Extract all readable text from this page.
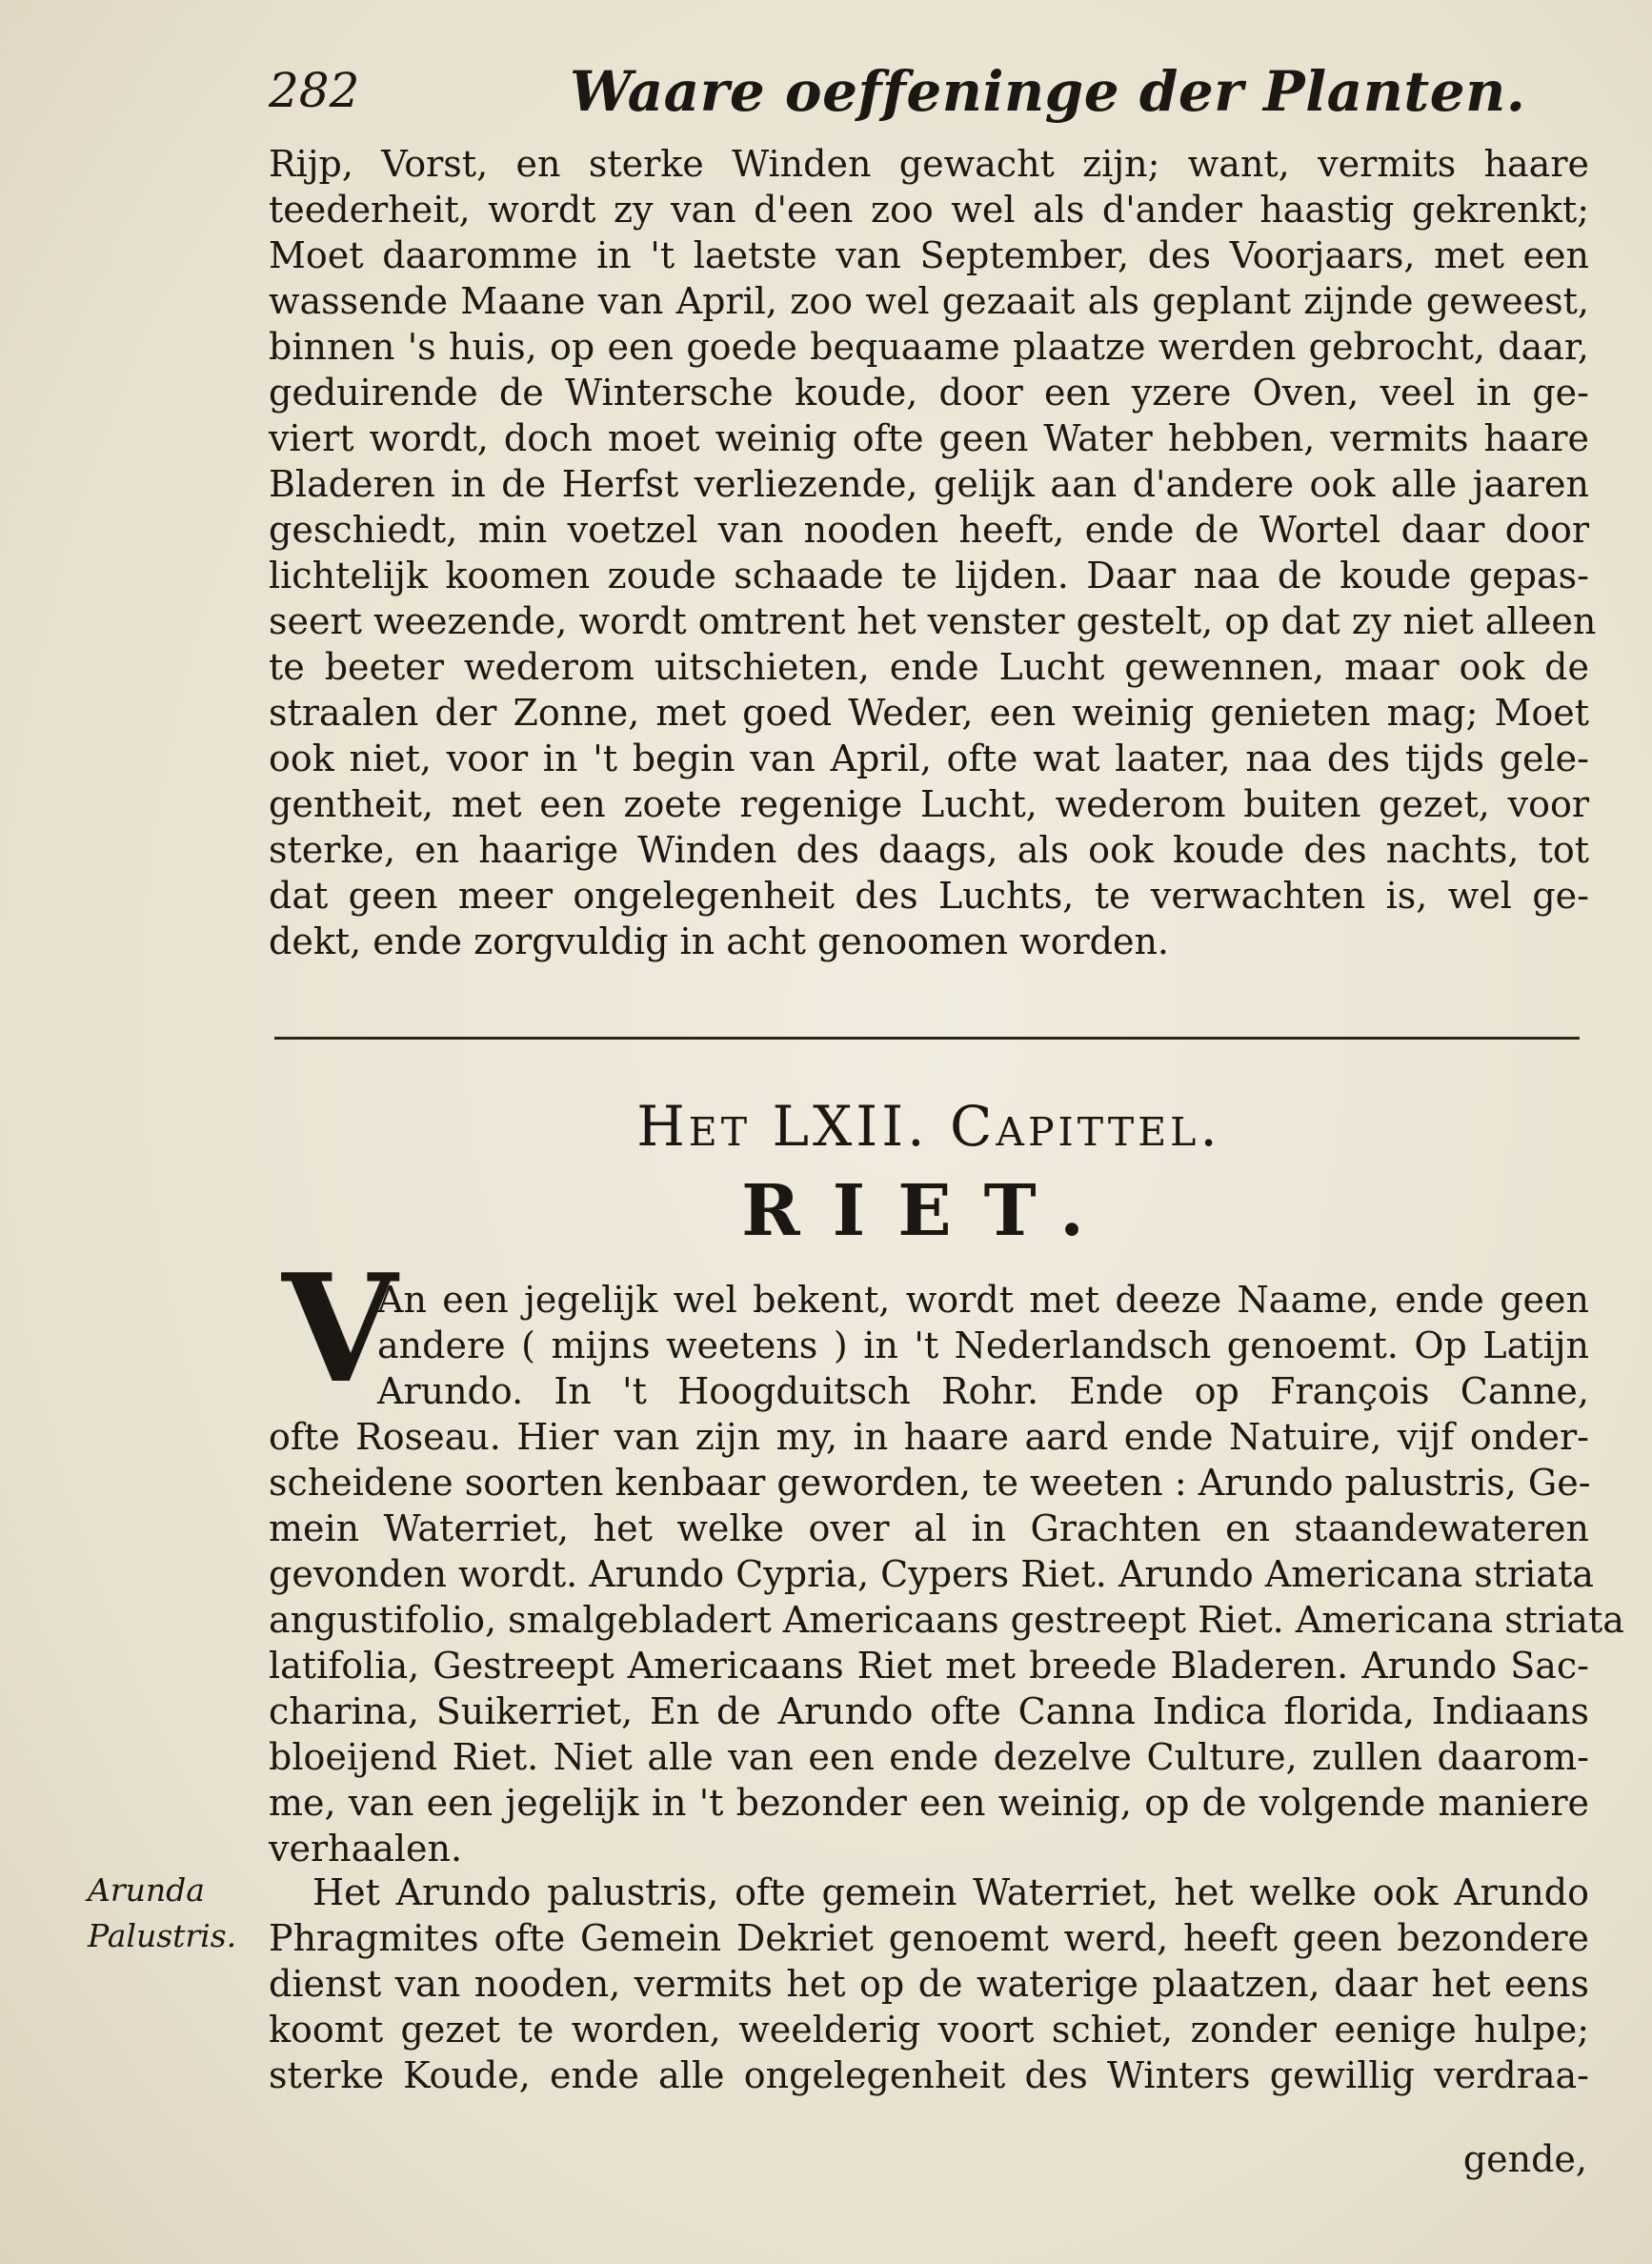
282	Waare oeffeninge der Planten.
Rijp, Vorst, en sterke Winden gewacht zijn; want, vermits haare
teederheit, wordt zy van d'een zoo wel als d'ander haastig gekrenkt;
Moet daaromme in 't laetste van September, des Voorjaars, met een
wassende Maane van April, zoo wel gezaait als geplant zijnde geweest,
binnen 's huis, op een goede bequaame plaatze werden gebrocht, daar,
geduirende de Wintersche koude, door een yzere Oven, veel in ge-
viert wordt, doch moet weinig ofte geen Water hebben, vermits haare
Bladeren in de Herfst verliezende, gelijk aan d'andere ook alle jaaren
geschiedt, min voetzel van nooden heeft, ende de Wortel daar door
lichtelijk koomen zoude schaade te lijden. Daar naa de koude gepas-
seert weezende, wordt omtrent het venster gestelt, op dat zy niet alleen
te beeter wederom uitschieten, ende Lucht gewennen, maar ook de
straalen der Zonne, met goed Weder, een weinig genieten mag; Moet
ook niet, voor in 't begin van April, ofte wat laater, naa des tijds gele-
gentheit, met een zoete regenige Lucht, wederom buiten gezet, voor
sterke, en haarige Winden des daags, als ook koude des nachts, tot
dat geen meer ongelegenheit des Luchts, te verwachten is, wel ge-
dekt, ende zorgvuldig in acht genoomen worden.
Het LXII. Capittel.
RIET.
V
An een jegelijk wel bekent, wordt met deeze Naame, ende geen
andere ( mijns weetens ) in 't Nederlandsch genoemt. Op Latijn
Arundo. In 't Hoogduitsch Rohr. Ende op François Canne,
ofte Roseau. Hier van zijn my, in haare aard ende Natuire, vijf onder-
scheidene soorten kenbaar geworden, te weeten : Arundo palustris, Ge-
mein Waterriet, het welke over al in Grachten en staandewateren
gevonden wordt. Arundo Cypria, Cypers Riet. Arundo Americana striata
angustifolio, smalgebladert Americaans gestreept Riet. Americana striata
latifolia, Gestreept Americaans Riet met breede Bladeren. Arundo Sac-
charina, Suikerriet, En de Arundo ofte Canna Indica florida, Indiaans
bloeijend Riet. Niet alle van een ende dezelve Culture, zullen daarom-
me, van een jegelijk in 't bezonder een weinig, op de volgende maniere
verhaalen.
Arunda
Palustris.
Het Arundo palustris, ofte gemein Waterriet, het welke ook Arundo
Phragmites ofte Gemein Dekriet genoemt werd, heeft geen bezondere
dienst van nooden, vermits het op de waterige plaatzen, daar het eens
koomt gezet te worden, weelderig voort schiet, zonder eenige hulpe;
sterke Koude, ende alle ongelegenheit des Winters gewillig verdraa-
gende,
